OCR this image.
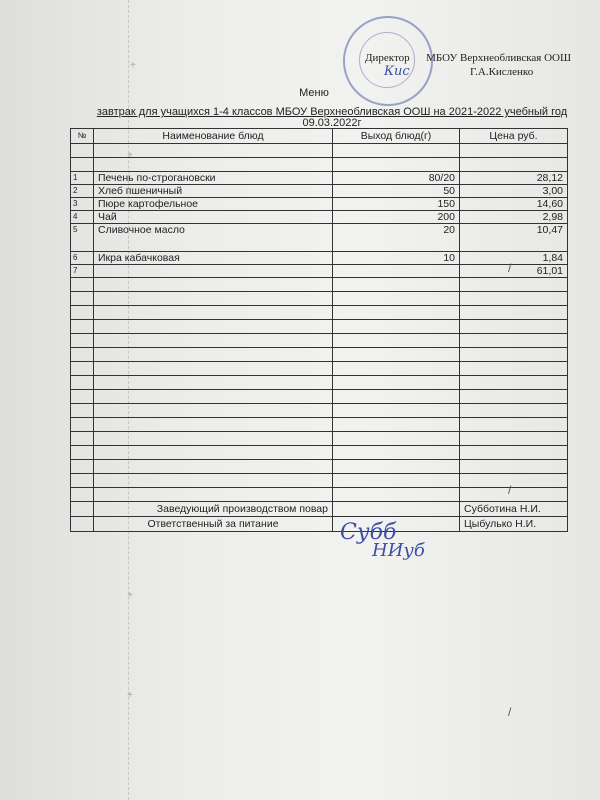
+
+
+
+
Директор МБОУ Верхнеобливская ООШ
Кис	Г.А.Кисленко
Меню
завтрак для учащихся 1-4 классов МБОУ Верхнеобливская ООШ на 2021-2022 учебный год
09.03.2022г
№	Наименование блюд	Выход блюд(г)	Цена руб.

1	Печень по-строгановски	80/20	28,12
2	Хлеб пшеничный	50	3,00
3	Пюре картофельное	150	14,60
4	Чай	200	2,98
5	Сливочное масло	20	10,47
6	Икра кабачковая	10	1,84
7			61,01

	Заведующий производством повар		Субботина Н.И.
	Ответственный за питание		Цыбулько Н.И.
Субб
НИуб
/
/
/
